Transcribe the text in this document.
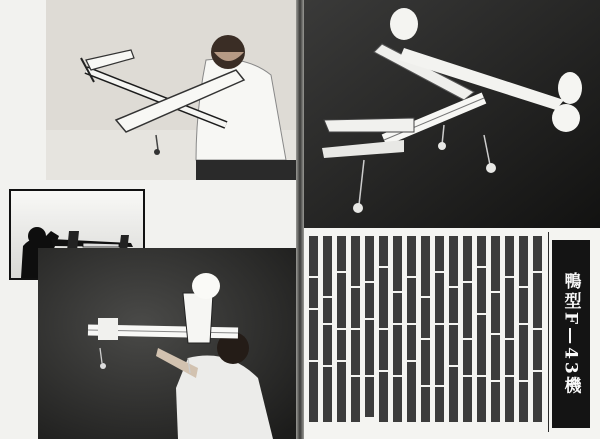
鴨型F—43機
